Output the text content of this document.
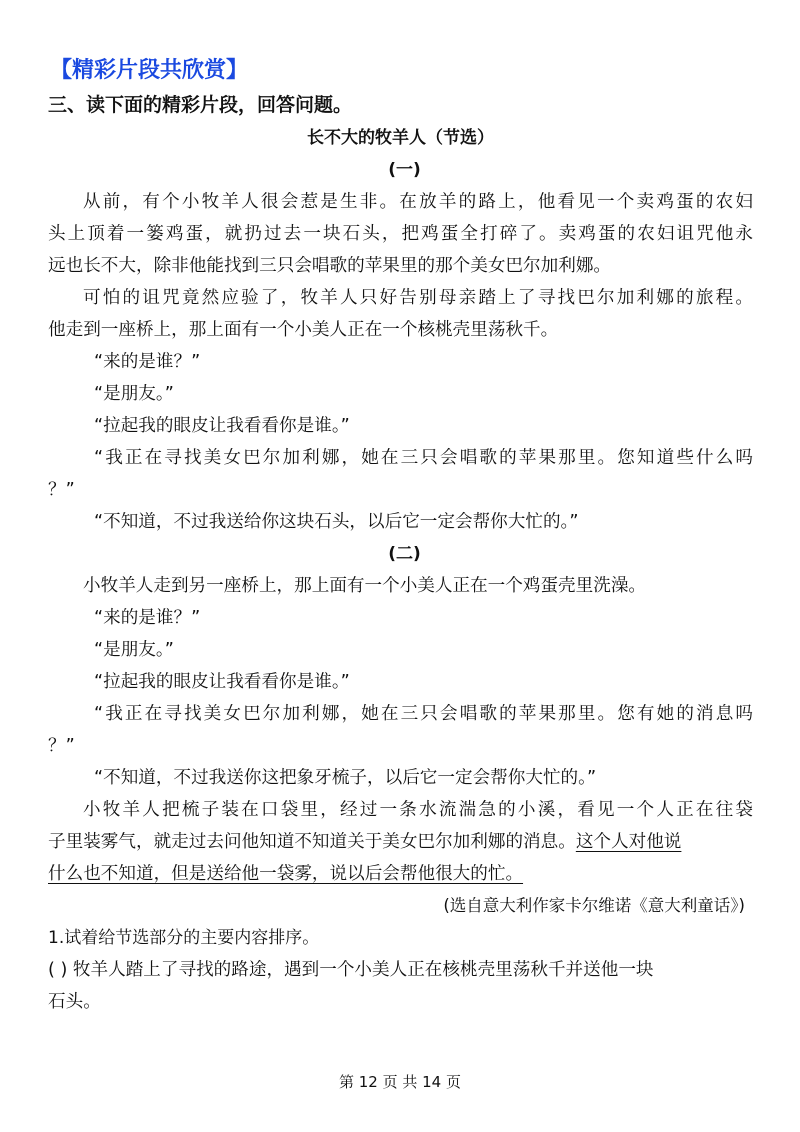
【精彩片段共欣赏】
三、读下面的精彩片段，回答问题。
长不大的牧羊人（节选）
(一)
从前，有个小牧羊人很会惹是生非。在放羊的路上，他看见一个卖鸡蛋的农妇
头上顶着一篓鸡蛋，就扔过去一块石头，把鸡蛋全打碎了。卖鸡蛋的农妇诅咒他永
远也长不大，除非他能找到三只会唱歌的苹果里的那个美女巴尔加利娜。
可怕的诅咒竟然应验了，牧羊人只好告别母亲踏上了寻找巴尔加利娜的旅程。
他走到一座桥上，那上面有一个小美人正在一个核桃壳里荡秋千。
“来的是谁？”
“是朋友。”
“拉起我的眼皮让我看看你是谁。”
“我正在寻找美女巴尔加利娜，她在三只会唱歌的苹果那里。您知道些什么吗
？”
“不知道，不过我送给你这块石头，以后它一定会帮你大忙的。”
(二)
小牧羊人走到另一座桥上，那上面有一个小美人正在一个鸡蛋壳里洗澡。
“来的是谁？”
“是朋友。”
“拉起我的眼皮让我看看你是谁。”
“我正在寻找美女巴尔加利娜，她在三只会唱歌的苹果那里。您有她的消息吗
？”
“不知道，不过我送你这把象牙梳子，以后它一定会帮你大忙的。”
小牧羊人把梳子装在口袋里，经过一条水流湍急的小溪，看见一个人正在往袋
子里装雾气，就走过去问他知道不知道关于美女巴尔加利娜的消息。这个人对他说
什么也不知道，但是送给他一袋雾，说以后会帮他很大的忙。
(选自意大利作家卡尔维诺《意大利童话》)
1.试着给节选部分的主要内容排序。
( ) 牧羊人踏上了寻找的路途，遇到一个小美人正在核桃壳里荡秋千并送他一块
石头。
第 12 页 共 14 页
